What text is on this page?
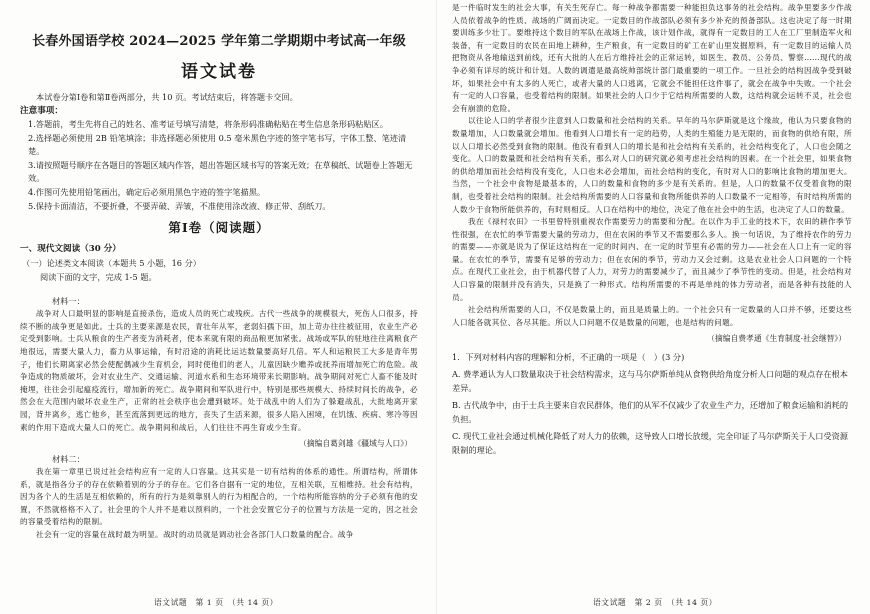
长春外国语学校 2024—2025 学年第二学期期中考试高一年级

语文试卷

本试卷分第Ⅰ卷和第Ⅱ卷两部分，共 10 页。考试结束后，将答题卡交回。

注意事项：

1.答题前，考生先将自己的姓名、准考证号填写清楚，将条形码准确粘贴在考生信息条形码粘贴区。

2.选择题必须使用 2B 铅笔填涂；非选择题必须使用 0.5 毫米黑色字迹的签字笔书写，字体工整、笔迹清楚。

3.请按照题号顺序在各题目的答题区域内作答，超出答题区域书写的答案无效；在草稿纸、试题卷上答题无效。

4.作图可先使用铅笔画出，确定后必须用黑色字迹的签字笔描黑。

5.保持卡面清洁，不要折叠，不要弄破、弄皱，不准使用涂改液、修正带、刮纸刀。

第Ⅰ卷（阅读题）

一、现代文阅读（30 分）

（一）论述类文本阅读（本题共 5 小题，16 分）

阅读下面的文字，完成 1-5 题。

材料一：

战争对人口最明显的影响是直接杀伤，造成人员的死亡或残疾。古代一些战争的规模很大，死伤人口很多，持续不断的战争更是如此。士兵的主要来源是农民，青壮年从军，老弱妇孺下田，加上苛办往往被征用，农业生产必定受到影响。士兵从粮食的生产者变为消耗者，使本来就有限的商品粮更加紧张。战场或军队的驻地往往离粮食产地很远，需要大量人力，畜力从事运输，有时沿途的消耗比运达数量要高好几倍。军人和运粮民工大多是青年男子，他们长期离家必然会使配偶减少生育机会，同时使他们的老人，儿童因缺少赡养或抚养而增加死亡的危险。战争造成的物质破坏，会对农业生产、交通运输、河道水系和生态环境带来长期影响。战争期间对死亡人畜不能及时掩埋，往往会引起瘟疫流行，增加新的死亡。战争期间和军队进行中，特别是那些规模大、持续时间长的战争，必然会在大范围内破坏农业生产，正常的社会秩序也会遭到破坏。处于战乱中的人们为了躲避战乱，大批地离开家园，背井离乡，逃亡他乡，甚至流落到更远的地方，丧失了生活来源，很多人陷入困境，在饥饿、疾病、寒冷等因素的作用下造成大量人口的死亡。战争期间和战后，人们往往不再生育或少生育。

（摘编自葛剑雄《疆域与人口》）

材料二：

我在第一章里已说过社会结构应有一定的人口容量。这其实是一切有结构的体系的通性。所谓结构，所谓体系，就是指各分子的存在依赖着别的分子的存在。它们各自据有一定的地位，互相关联，互相维持。社会有结构，因为各个人的生活是互相依赖的，所有的行为是须靠别人的行为相配合的，一个结构所能容纳的分子必须有他的安置，不然就格格不入了。社会里的个人并不是难以预料的，一个社会安置它分子的位置与方法是一定的，因之社会的容量受着结构的限制。

社会有一定的容量在战时最为明显。战时的动员就是调动社会各部门人口数量的配合。战争

语文试题　第 1 页　（共 14 页）

是一件临时发生的社会大事，有关生死存亡。每一种战争都需要一种能担负这事务的社会结构。战争里要多少作战人员依着战争的性质、战场的广阔而决定。一定数目的作战部队必须有多少补充的预备部队。这也决定了每一时期要训练多少壮丁。要维持这个数目的军队在战场上作战，该计划作战，就得有一定数目的工人在工厂里制造军火和装备，有一定数目的农民在田地上耕种，生产粮食，有一定数目的矿工在矿山里发掘原料，有一定数目的运输人员把物资从各地输送到前线，还有大批的人在后方维持社会的正常运转，如医生、教员、公务员、警察……现代的战争必须有详尽的统计和计划。人数的调遣是最高统帅部统计部门最重要的一项工作。一旦社会的结构因战争受到破坏，如果社会中有太多的人死亡，或者大量的人口逃离，它就会不能担任这件事了，就会在战争中失败。一个社会有一定的人口容量，也受着结构的限制。如果社会的人口少于它结构所需要的人数，这结构就会运转不灵，社会也会有崩溃的危险。

以往论人口的学者很少注意到人口数量和社会结构的关系。早年的马尔萨斯就是这个缘故，他认为只要食物的数量增加，人口数量就会增加。他看到人口增长有一定的趋势，人类的生殖能力是无限的，而食物的供给有限，所以人口增长必然受到食物的限制。他没有看到人口的增长是和社会结构有关系的，社会结构变化了，人口也会随之变化。人口的数量既和社会结构有关系，那么对人口的研究就必须考虑社会结构的因素。在一个社会里，如果食物的供给增加而社会结构没有变化，人口也未必会增加，而社会结构的变化，有时对人口的影响比食物的增加更大。当然，一个社会中食物是最基本的，人口的数量和食物的多少是有关系的。但是，人口的数量不仅受着食物的限制，也受着社会结构的限制。社会结构所需要的人口容量和食物所能供养的人口数量不一定相等，有时结构所需的人数少于食物所能供养的，有时则相反。人口在结构中的地位，决定了他在社会中的生活，也决定了人口的数量。

我在《禄村农田》一书里曾特别重视农作需要劳力的需要和分配。在以作为手工业的技术下，农田的耕作季节性很强，在农忙的季节需要大量的劳动力，但在农闲的季节又不需要那么多人。换一句话说，为了维持农作的劳力的需要——亦就是说为了保证这结构在一定的时间内、在一定的时节里有必需的劳力——社会在人口上有一定的容量。在农忙的季节，需要有足够的劳动力；但在农闲的季节，劳动力又会过剩。这是农业社会人口问题的一个特点。在现代工业社会，由于机器代替了人力，对劳力的需要减少了，而且减少了季节性的变动。但是，社会结构对人口容量的限制并没有消失，只是换了一种形式。结构所需要的不再是单纯的体力劳动者，而是各种有技能的人员。

社会结构所需要的人口，不仅是数量上的，而且是质量上的。一个社会只有一定数量的人口并不够，还要这些人口能各就其位、各尽其能。所以人口问题不仅是数量的问题，也是结构的问题。

（摘编自费孝通《生育制度·社会继替》）

1．下列对材料内容的理解和分析，不正确的一项是（　）(3 分)

A. 费孝通认为人口数量取决于社会结构需求，这与马尔萨斯单纯从食物供给角度分析人口问题的观点存在根本差异。

B. 古代战争中，由于士兵主要来自农民群体，他们的从军不仅减少了农业生产力，还增加了粮食运输和消耗的负担。

C. 现代工业社会通过机械化降低了对人力的依赖，这导致人口增长放缓，完全印证了马尔萨斯关于人口受资源限制的理论。

语文试题　第 2 页　（共 14 页）
